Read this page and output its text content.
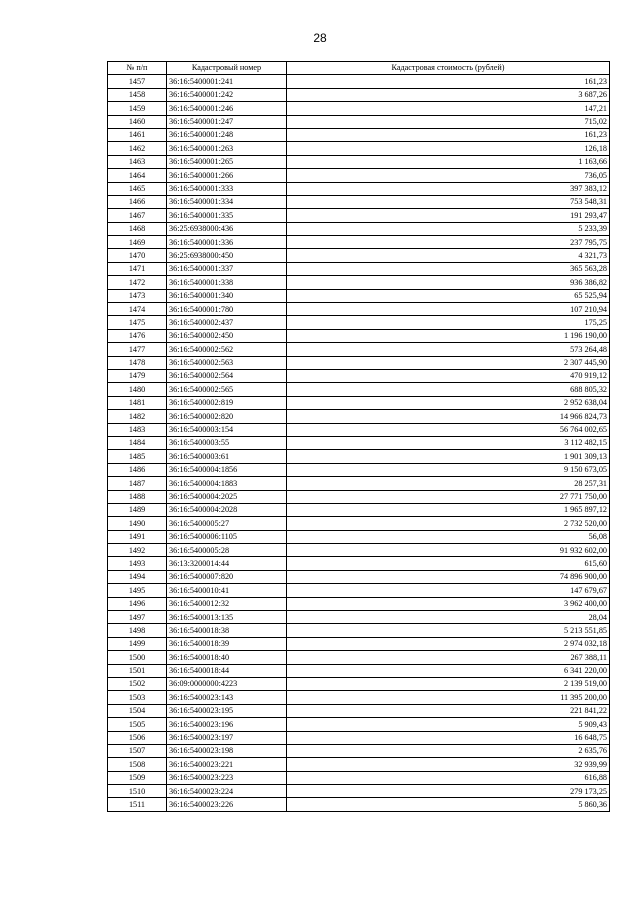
28
№ п/п	Кадастровый номер	Кадастровая стоимость (рублей)
1457	36:16:5400001:241	161,23
1458	36:16:5400001:242	3 687,26
1459	36:16:5400001:246	147,21
1460	36:16:5400001:247	715,02
1461	36:16:5400001:248	161,23
1462	36:16:5400001:263	126,18
1463	36:16:5400001:265	1 163,66
1464	36:16:5400001:266	736,05
1465	36:16:5400001:333	397 383,12
1466	36:16:5400001:334	753 548,31
1467	36:16:5400001:335	191 293,47
1468	36:25:6938000:436	5 233,39
1469	36:16:5400001:336	237 795,75
1470	36:25:6938000:450	4 321,73
1471	36:16:5400001:337	365 563,28
1472	36:16:5400001:338	936 386,82
1473	36:16:5400001:340	65 525,94
1474	36:16:5400001:780	107 210,94
1475	36:16:5400002:437	175,25
1476	36:16:5400002:450	1 196 190,00
1477	36:16:5400002:562	573 264,48
1478	36:16:5400002:563	2 307 445,90
1479	36:16:5400002:564	470 919,12
1480	36:16:5400002:565	688 805,32
1481	36:16:5400002:819	2 952 638,04
1482	36:16:5400002:820	14 966 824,73
1483	36:16:5400003:154	56 764 002,65
1484	36:16:5400003:55	3 112 482,15
1485	36:16:5400003:61	1 901 309,13
1486	36:16:5400004:1856	9 150 673,05
1487	36:16:5400004:1883	28 257,31
1488	36:16:5400004:2025	27 771 750,00
1489	36:16:5400004:2028	1 965 897,12
1490	36:16:5400005:27	2 732 520,00
1491	36:16:5400006:1105	56,08
1492	36:16:5400005:28	91 932 602,00
1493	36:13:3200014:44	615,60
1494	36:16:5400007:820	74 896 900,00
1495	36:16:5400010:41	147 679,67
1496	36:16:5400012:32	3 962 400,00
1497	36:16:5400013:135	28,04
1498	36:16:5400018:38	5 213 551,85
1499	36:16:5400018:39	2 974 032,18
1500	36:16:5400018:40	267 388,11
1501	36:16:5400018:44	6 341 220,00
1502	36:09:0000000:4223	2 139 519,00
1503	36:16:5400023:143	11 395 200,00
1504	36:16:5400023:195	221 841,22
1505	36:16:5400023:196	5 909,43
1506	36:16:5400023:197	16 648,75
1507	36:16:5400023:198	2 635,76
1508	36:16:5400023:221	32 939,99
1509	36:16:5400023:223	616,88
1510	36:16:5400023:224	279 173,25
1511	36:16:5400023:226	5 860,36
